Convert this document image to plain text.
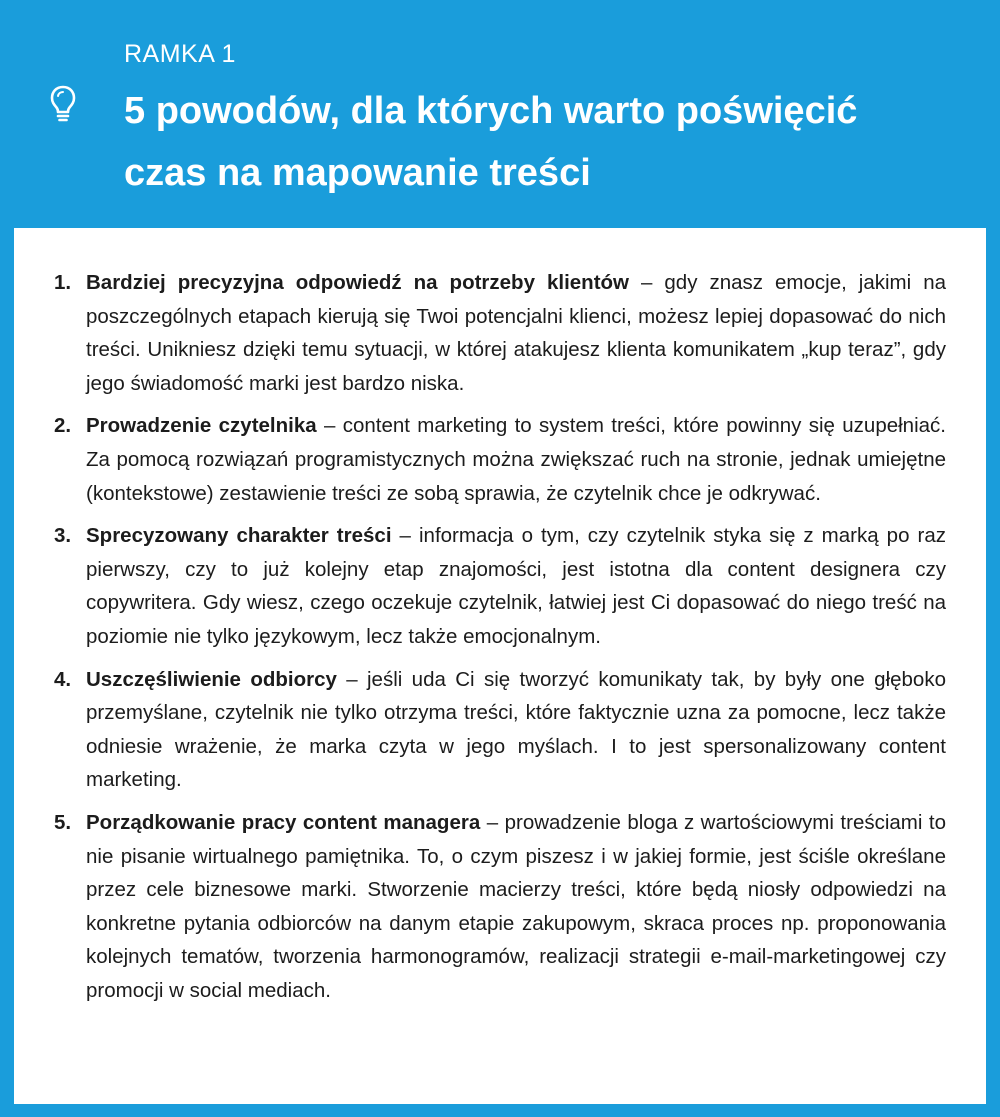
RAMKA 1
5 powodów, dla których warto poświęcić czas na mapowanie treści
1. Bardziej precyzyjna odpowiedź na potrzeby klientów – gdy znasz emocje, jakimi na poszczególnych etapach kierują się Twoi potencjalni klienci, możesz lepiej dopasować do nich treści. Unikniesz dzięki temu sytuacji, w której atakujesz klienta komunikatem „kup teraz”, gdy jego świadomość marki jest bardzo niska.
2. Prowadzenie czytelnika – content marketing to system treści, które powinny się uzupełniać. Za pomocą rozwiązań programistycznych można zwiększać ruch na stronie, jednak umiejętne (kontekstowe) zestawienie treści ze sobą sprawia, że czytelnik chce je odkrywać.
3. Sprecyzowany charakter treści – informacja o tym, czy czytelnik styka się z marką po raz pierwszy, czy to już kolejny etap znajomości, jest istotna dla content designera czy copywritera. Gdy wiesz, czego oczekuje czytelnik, łatwiej jest Ci dopasować do niego treść na poziomie nie tylko językowym, lecz także emocjonalnym.
4. Uszczęśliwienie odbiorcy – jeśli uda Ci się tworzyć komunikaty tak, by były one głęboko przemyślane, czytelnik nie tylko otrzyma treści, które faktycznie uzna za pomocne, lecz także odniesie wrażenie, że marka czyta w jego myślach. I to jest spersonalizowany content marketing.
5. Porządkowanie pracy content managera – prowadzenie bloga z wartościowymi treściami to nie pisanie wirtualnego pamiętnika. To, o czym piszesz i w jakiej formie, jest ściśle określane przez cele biznesowe marki. Stworzenie macierzy treści, które będą niosły odpowiedzi na konkretne pytania odbiorców na danym etapie zakupowym, skraca proces np. proponowania kolejnych tematów, tworzenia harmonogramów, realizacji strategii e-mail-marketingowej czy promocji w social mediach.
